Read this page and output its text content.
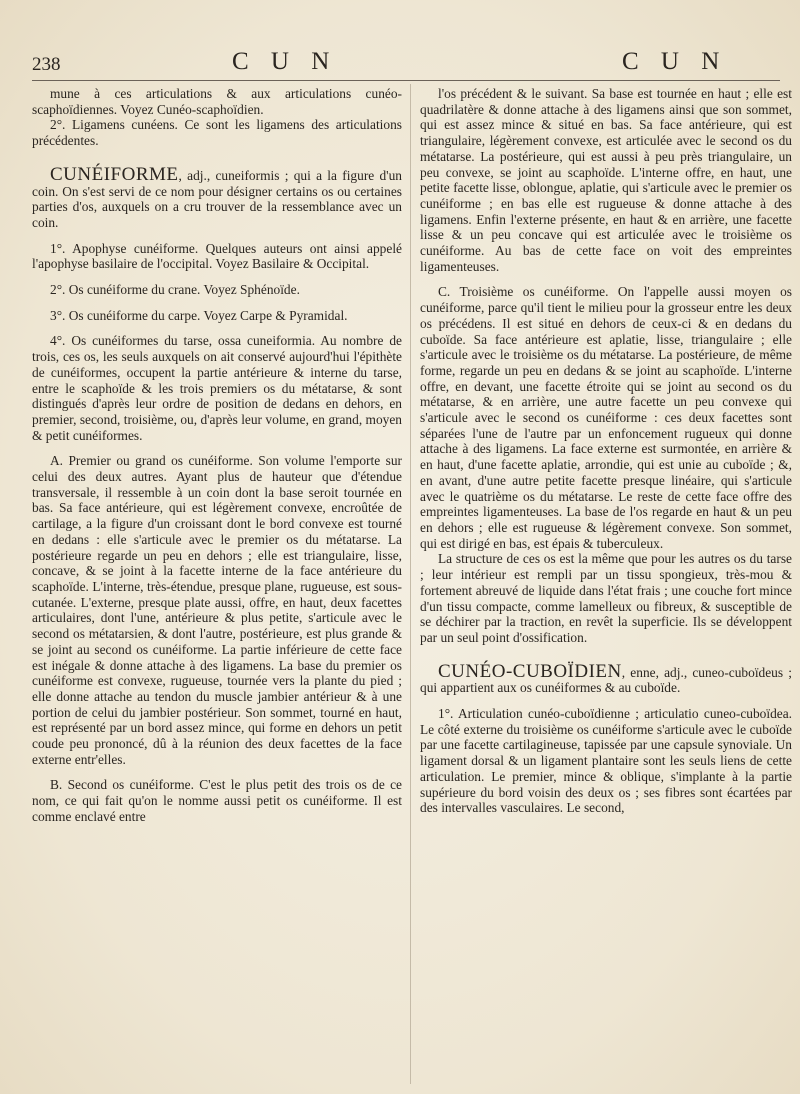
238	C U N	C U N

mune à ces articulations & aux articulations cunéo-scaphoïdiennes. Voyez Cunéo-scaphoïdien.

2°. Ligamens cunéens. Ce sont les ligamens des articulations précédentes.

CUNÉIFORME, adj., cuneiformis ; qui a la figure d'un coin. On s'est servi de ce nom pour désigner certains os ou certaines parties d'os, auxquels on a cru trouver de la ressemblance avec un coin.

1°. Apophyse cunéiforme. Quelques auteurs ont ainsi appelé l'apophyse basilaire de l'occipital. Voyez Basilaire & Occipital.

2°. Os cunéiforme du crane. Voyez Sphénoïde.

3°. Os cunéiforme du carpe. Voyez Carpe & Pyramidal.

4°. Os cunéiformes du tarse, ossa cuneiformia. Au nombre de trois, ces os, les seuls auxquels on ait conservé aujourd'hui l'épithète de cunéiformes, occupent la partie antérieure & interne du tarse, entre le scaphoïde & les trois premiers os du métatarse, & sont distingués d'après leur ordre de position de dedans en dehors, en premier, second, troisième, ou, d'après leur volume, en grand, moyen & petit cunéiformes.

A. Premier ou grand os cunéiforme. Son volume l'emporte sur celui des deux autres. Ayant plus de hauteur que d'étendue transversale, il ressemble à un coin dont la base seroit tournée en bas. Sa face antérieure, qui est légèrement convexe, encroûtée de cartilage, a la figure d'un croissant dont le bord convexe est tourné en dedans : elle s'articule avec le premier os du métatarse. La postérieure regarde un peu en dehors ; elle est triangulaire, lisse, concave, & se joint à la facette interne de la face antérieure du scaphoïde. L'interne, très-étendue, presque plane, rugueuse, est sous-cutanée. L'externe, presque plate aussi, offre, en haut, deux facettes articulaires, dont l'une, antérieure & plus petite, s'articule avec le second os métatarsien, & dont l'autre, postérieure, est plus grande & se joint au second os cunéiforme. La partie inférieure de cette face est inégale & donne attache à des ligamens. La base du premier os cunéiforme est convexe, rugueuse, tournée vers la plante du pied ; elle donne attache au tendon du muscle jambier antérieur & à une portion de celui du jambier postérieur. Son sommet, tourné en haut, est représenté par un bord assez mince, qui forme en dehors un petit coude peu prononcé, dû à la réunion des deux facettes de la face externe entr'elles.

B. Second os cunéiforme. C'est le plus petit des trois os de ce nom, ce qui fait qu'on le nomme aussi petit os cunéiforme. Il est comme enclavé entre

l'os précédent & le suivant. Sa base est tournée en haut ; elle est quadrilatère & donne attache à des ligamens ainsi que son sommet, qui est assez mince & situé en bas. Sa face antérieure, qui est triangulaire, légèrement convexe, est articulée avec le second os du métatarse. La postérieure, qui est aussi à peu près triangulaire, un peu convexe, se joint au scaphoïde. L'interne offre, en haut, une petite facette lisse, oblongue, aplatie, qui s'articule avec le premier os cunéiforme ; en bas elle est rugueuse & donne attache à des ligamens. Enfin l'externe présente, en haut & en arrière, une facette lisse & un peu concave qui est articulée avec le troisième os cunéiforme. Au bas de cette face on voit des empreintes ligamenteuses.

C. Troisième os cunéiforme. On l'appelle aussi moyen os cunéiforme, parce qu'il tient le milieu pour la grosseur entre les deux os précédens. Il est situé en dehors de ceux-ci & en dedans du cuboïde. Sa face antérieure est aplatie, lisse, triangulaire ; elle s'articule avec le troisième os du métatarse. La postérieure, de même forme, regarde un peu en dedans & se joint au scaphoïde. L'interne offre, en devant, une facette étroite qui se joint au second os du métatarse, & en arrière, une autre facette un peu convexe qui s'articule avec le second os cunéiforme : ces deux facettes sont séparées l'une de l'autre par un enfoncement rugueux qui donne attache à des ligamens. La face externe est surmontée, en arrière & en haut, d'une facette aplatie, arrondie, qui est unie au cuboïde ; &, en avant, d'une autre petite facette presque linéaire, qui s'articule avec le quatrième os du métatarse. Le reste de cette face offre des empreintes ligamenteuses. La base de l'os regarde en haut & un peu en dehors ; elle est rugueuse & légèrement convexe. Son sommet, qui est dirigé en bas, est épais & tuberculeux.

La structure de ces os est la même que pour les autres os du tarse ; leur intérieur est rempli par un tissu spongieux, très-mou & fortement abreuvé de liquide dans l'état frais ; une couche fort mince d'un tissu compacte, comme lamelleux ou fibreux, & susceptible de se déchirer par la traction, en revêt la superficie. Ils se développent par un seul point d'ossification.

CUNÉO-CUBOÏDIEN, enne, adj., cuneo-cuboïdeus ; qui appartient aux os cunéiformes & au cuboïde.

1°. Articulation cunéo-cuboïdienne ; articulatio cuneo-cuboïdea. Le côté externe du troisième os cunéiforme s'articule avec le cuboïde par une facette cartilagineuse, tapissée par une capsule synoviale. Un ligament dorsal & un ligament plantaire sont les seuls liens de cette articulation. Le premier, mince & oblique, s'implante à la partie supérieure du bord voisin des deux os ; ses fibres sont écartées par des intervalles vasculaires. Le second,
